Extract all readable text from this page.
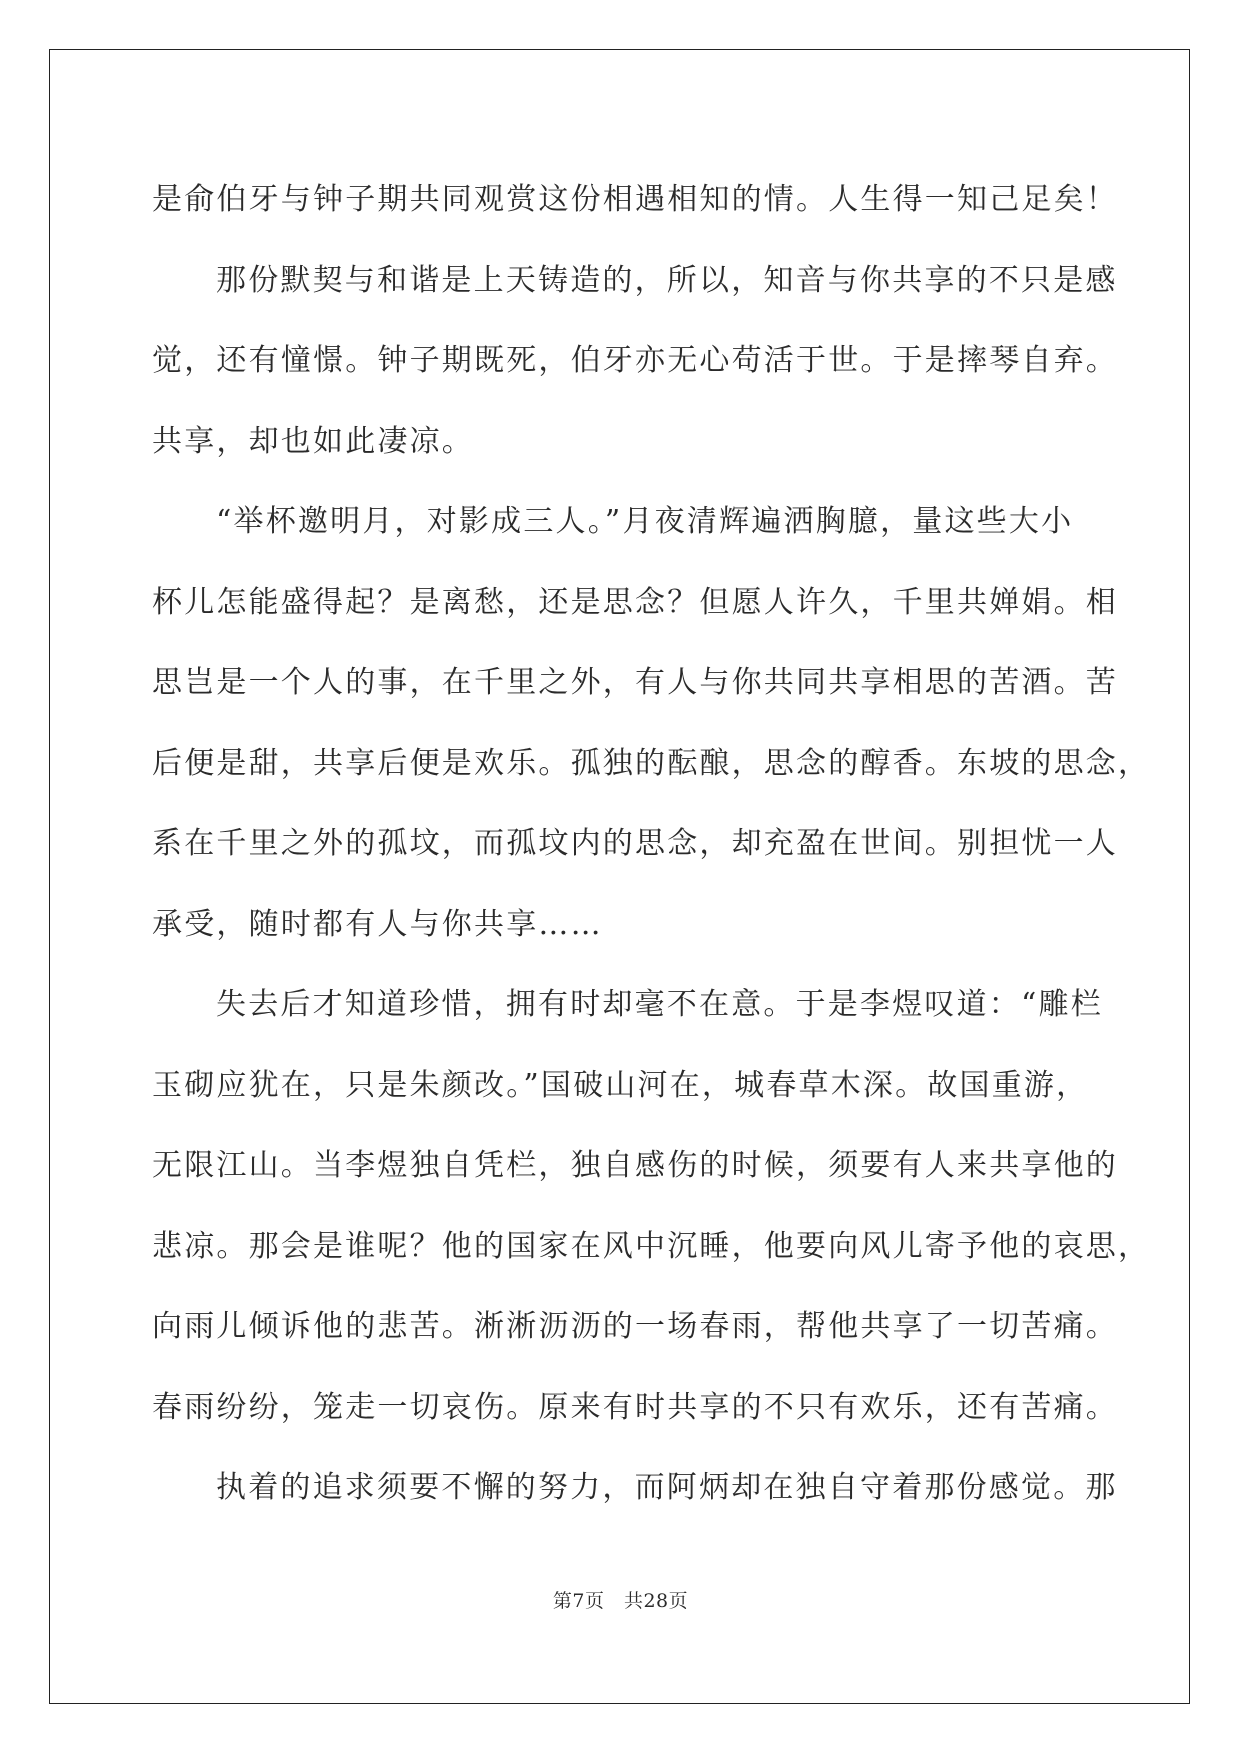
是俞伯牙与钟子期共同观赏这份相遇相知的情。人生得一知己足矣！
那份默契与和谐是上天铸造的，所以，知音与你共享的不只是感
觉，还有憧憬。钟子期既死，伯牙亦无心苟活于世。于是摔琴自弃。
共享，却也如此凄凉。
“举杯邀明月，对影成三人。”月夜清辉遍洒胸臆，量这些大小
杯儿怎能盛得起？是离愁，还是思念？但愿人许久，千里共婵娟。相
思岂是一个人的事，在千里之外，有人与你共同共享相思的苦酒。苦
后便是甜，共享后便是欢乐。孤独的酝酿，思念的醇香。东坡的思念，
系在千里之外的孤坟，而孤坟内的思念，却充盈在世间。别担忧一人
承受，随时都有人与你共享……
失去后才知道珍惜，拥有时却毫不在意。于是李煜叹道：“雕栏
玉砌应犹在，只是朱颜改。”国破山河在，城春草木深。故国重游，
无限江山。当李煜独自凭栏，独自感伤的时候，须要有人来共享他的
悲凉。那会是谁呢？他的国家在风中沉睡，他要向风儿寄予他的哀思，
向雨儿倾诉他的悲苦。淅淅沥沥的一场春雨，帮他共享了一切苦痛。
春雨纷纷，笼走一切哀伤。原来有时共享的不只有欢乐，还有苦痛。
执着的追求须要不懈的努力，而阿炳却在独自守着那份感觉。那
第7页　共28页
